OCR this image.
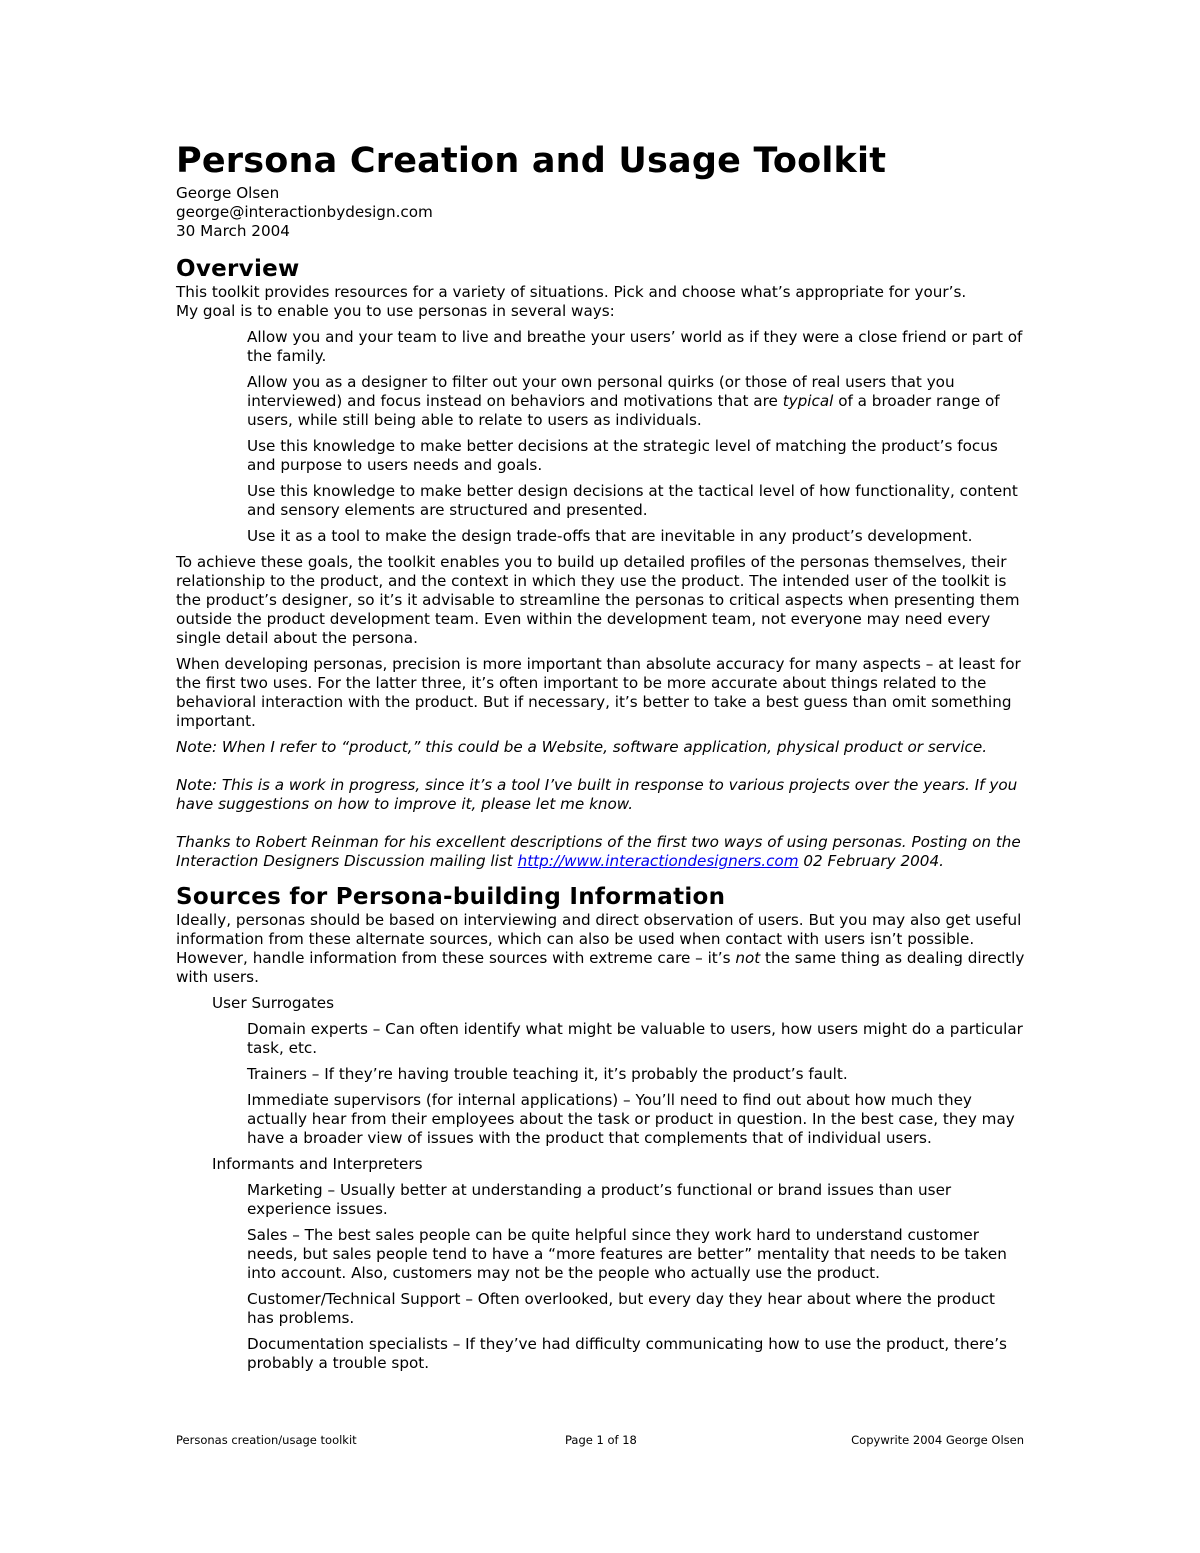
Persona Creation and Usage Toolkit

George Olsen

george@interactionbydesign.com

30 March 2004

Overview

This toolkit provides resources for a variety of situations. Pick and choose what’s appropriate for your’s.

My goal is to enable you to use personas in several ways:

Allow you and your team to live and breathe your users’ world as if they were a close friend or part of the family.

Allow you as a designer to filter out your own personal quirks (or those of real users that you interviewed) and focus instead on behaviors and motivations that are typical of a broader range of users, while still being able to relate to users as individuals.

Use this knowledge to make better decisions at the strategic level of matching the product’s focus and purpose to users needs and goals.

Use this knowledge to make better design decisions at the tactical level of how functionality, content and sensory elements are structured and presented.

Use it as a tool to make the design trade-offs that are inevitable in any product’s development.

To achieve these goals, the toolkit enables you to build up detailed profiles of the personas themselves, their relationship to the product, and the context in which they use the product. The intended user of the toolkit is the product’s designer, so it’s it advisable to streamline the personas to critical aspects when presenting them outside the product development team. Even within the development team, not everyone may need every single detail about the persona.

When developing personas, precision is more important than absolute accuracy for many aspects – at least for the first two uses. For the latter three, it’s often important to be more accurate about things related to the behavioral interaction with the product. But if necessary, it’s better to take a best guess than omit something important.

Note: When I refer to “product,” this could be a Website, software application, physical product or service.

Note: This is a work in progress, since it’s a tool I’ve built in response to various projects over the years. If you have suggestions on how to improve it, please let me know.

Thanks to Robert Reinman for his excellent descriptions of the first two ways of using personas. Posting on the Interaction Designers Discussion mailing list http://www.interactiondesigners.com 02 February 2004.

Sources for Persona-building Information

Ideally, personas should be based on interviewing and direct observation of users. But you may also get useful information from these alternate sources, which can also be used when contact with users isn’t possible. However, handle information from these sources with extreme care – it’s not the same thing as dealing directly with users.

User Surrogates

Domain experts – Can often identify what might be valuable to users, how users might do a particular task, etc.

Trainers – If they’re having trouble teaching it, it’s probably the product’s fault.

Immediate supervisors (for internal applications) – You’ll need to find out about how much they actually hear from their employees about the task or product in question. In the best case, they may have a broader view of issues with the product that complements that of individual users.

Informants and Interpreters

Marketing – Usually better at understanding a product’s functional or brand issues than user experience issues.

Sales – The best sales people can be quite helpful since they work hard to understand customer needs, but sales people tend to have a “more features are better” mentality that needs to be taken into account. Also, customers may not be the people who actually use the product.

Customer/Technical Support – Often overlooked, but every day they hear about where the product has problems.

Documentation specialists – If they’ve had difficulty communicating how to use the product, there’s probably a trouble spot.

Personas creation/usage toolkit	Page 1 of 18	Copywrite 2004 George Olsen
